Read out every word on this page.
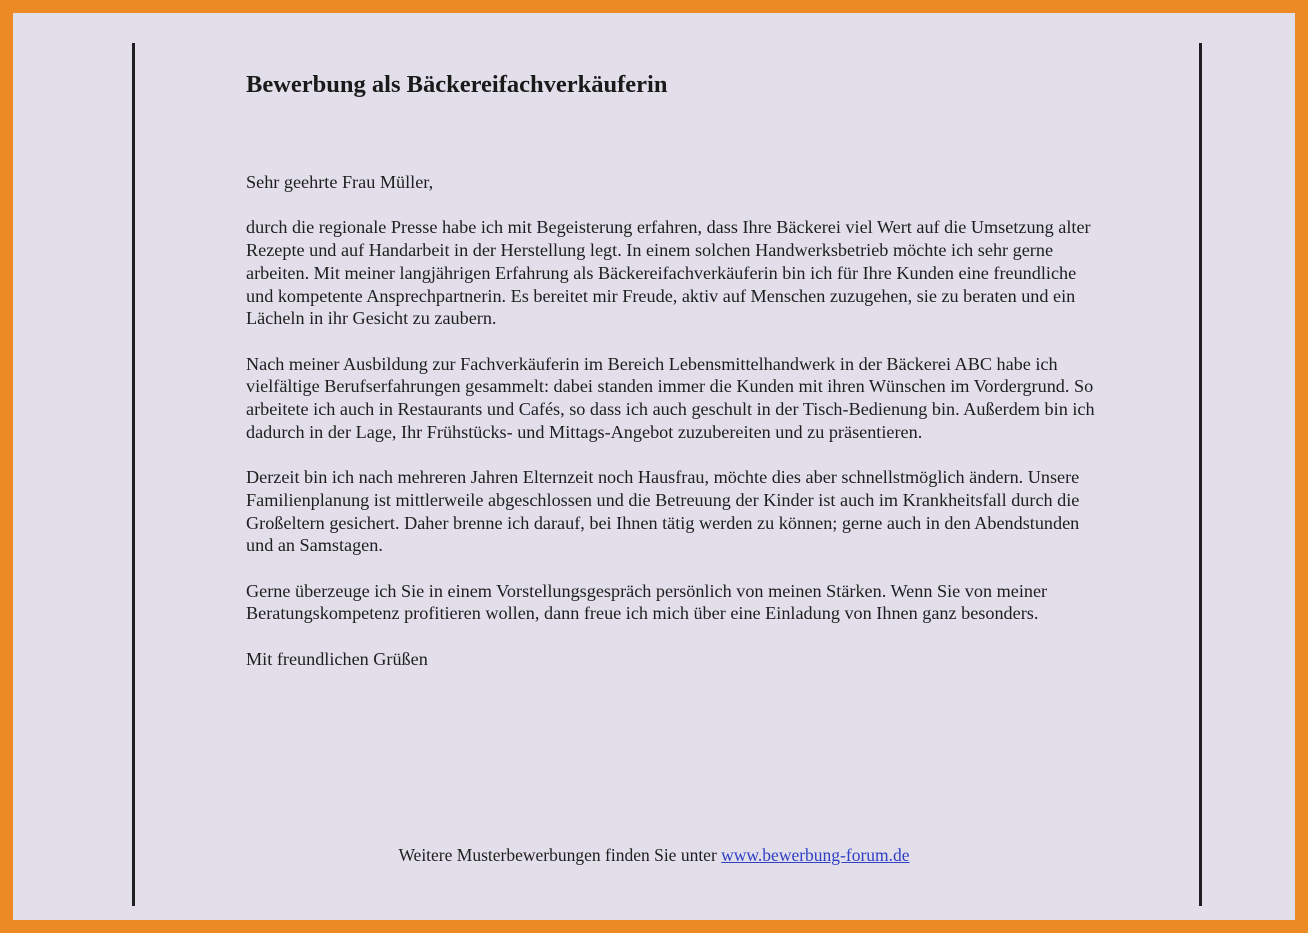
Bewerbung als Bäckereifachverkäuferin

Sehr geehrte Frau Müller,

durch die regionale Presse habe ich mit Begeisterung erfahren, dass Ihre Bäckerei viel Wert auf die Umsetzung alter Rezepte und auf Handarbeit in der Herstellung legt. In einem solchen Handwerksbetrieb möchte ich sehr gerne arbeiten. Mit meiner langjährigen Erfahrung als Bäckereifachverkäuferin bin ich für Ihre Kunden eine freundliche und kompetente Ansprechpartnerin. Es bereitet mir Freude, aktiv auf Menschen zuzugehen, sie zu beraten und ein Lächeln in ihr Gesicht zu zaubern.

Nach meiner Ausbildung zur Fachverkäuferin im Bereich Lebensmittelhandwerk in der Bäckerei ABC habe ich vielfältige Berufserfahrungen gesammelt: dabei standen immer die Kunden mit ihren Wünschen im Vordergrund. So arbeitete ich auch in Restaurants und Cafés, so dass ich auch geschult in der Tisch-Bedienung bin. Außerdem bin ich dadurch in der Lage, Ihr Frühstücks- und Mittags-Angebot zuzubereiten und zu präsentieren.

Derzeit bin ich nach mehreren Jahren Elternzeit noch Hausfrau, möchte dies aber schnellstmöglich ändern. Unsere Familienplanung ist mittlerweile abgeschlossen und die Betreuung der Kinder ist auch im Krankheitsfall durch die Großeltern gesichert. Daher brenne ich darauf, bei Ihnen tätig werden zu können; gerne auch in den Abendstunden und an Samstagen.

Gerne überzeuge ich Sie in einem Vorstellungsgespräch persönlich von meinen Stärken. Wenn Sie von meiner Beratungskompetenz profitieren wollen, dann freue ich mich über eine Einladung von Ihnen ganz besonders.

Mit freundlichen Grüßen

Weitere Musterbewerbungen finden Sie unter www.bewerbung-forum.de
